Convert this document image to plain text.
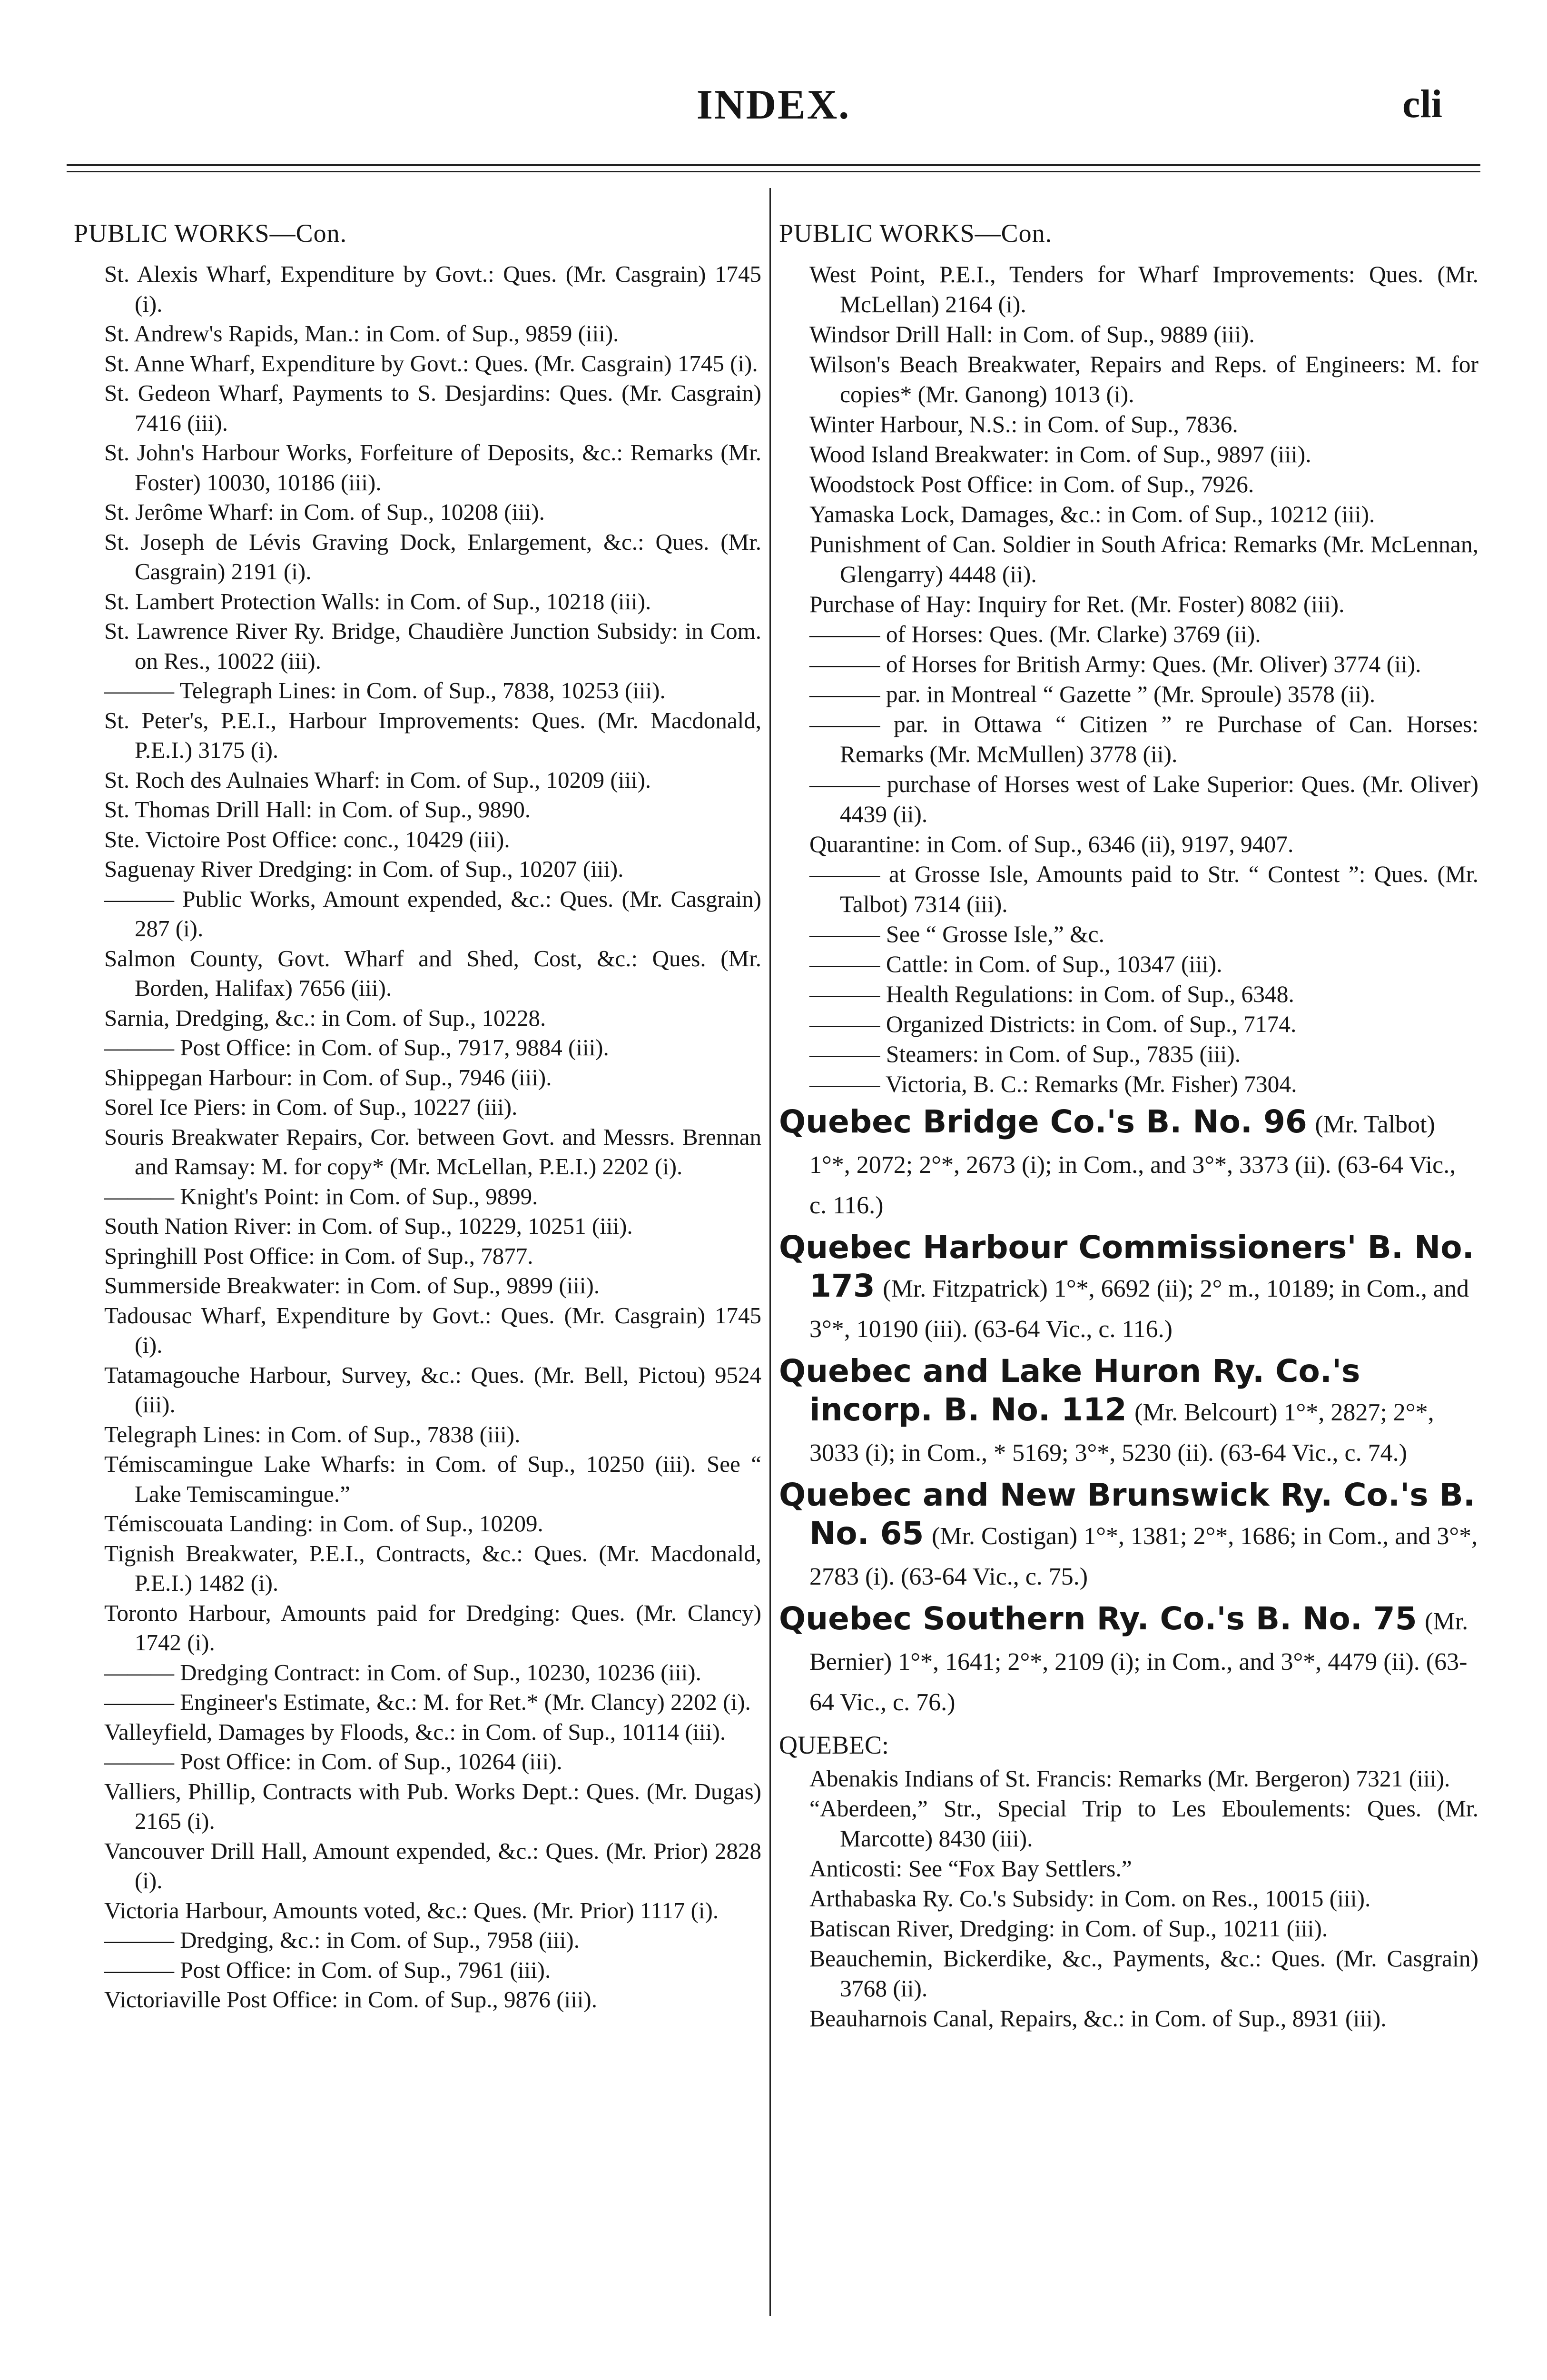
INDEX.	cli
PUBLIC WORKS—Con.

St. Alexis Wharf, Expenditure by Govt.: Ques. (Mr. Casgrain) 1745 (i).

St. Andrew's Rapids, Man.: in Com. of Sup., 9859 (iii).

St. Anne Wharf, Expenditure by Govt.: Ques. (Mr. Casgrain) 1745 (i).

St. Gedeon Wharf, Payments to S. Desjardins: Ques. (Mr. Casgrain) 7416 (iii).

St. John's Harbour Works, Forfeiture of Deposits, &c.: Remarks (Mr. Foster) 10030, 10186 (iii).

St. Jerôme Wharf: in Com. of Sup., 10208 (iii).

St. Joseph de Lévis Graving Dock, Enlargement, &c.: Ques. (Mr. Casgrain) 2191 (i).

St. Lambert Protection Walls: in Com. of Sup., 10218 (iii).

St. Lawrence River Ry. Bridge, Chaudière Junction Subsidy: in Com. on Res., 10022 (iii).

——— Telegraph Lines: in Com. of Sup., 7838, 10253 (iii).

St. Peter's, P.E.I., Harbour Improvements: Ques. (Mr. Macdonald, P.E.I.) 3175 (i).

St. Roch des Aulnaies Wharf: in Com. of Sup., 10209 (iii).

St. Thomas Drill Hall: in Com. of Sup., 9890.

Ste. Victoire Post Office: conc., 10429 (iii).

Saguenay River Dredging: in Com. of Sup., 10207 (iii).

——— Public Works, Amount expended, &c.: Ques. (Mr. Casgrain) 287 (i).

Salmon County, Govt. Wharf and Shed, Cost, &c.: Ques. (Mr. Borden, Halifax) 7656 (iii).

Sarnia, Dredging, &c.: in Com. of Sup., 10228.

——— Post Office: in Com. of Sup., 7917, 9884 (iii).

Shippegan Harbour: in Com. of Sup., 7946 (iii).

Sorel Ice Piers: in Com. of Sup., 10227 (iii).

Souris Breakwater Repairs, Cor. between Govt. and Messrs. Brennan and Ramsay: M. for copy* (Mr. McLellan, P.E.I.) 2202 (i).

——— Knight's Point: in Com. of Sup., 9899.

South Nation River: in Com. of Sup., 10229, 10251 (iii).

Springhill Post Office: in Com. of Sup., 7877.

Summerside Breakwater: in Com. of Sup., 9899 (iii).

Tadousac Wharf, Expenditure by Govt.: Ques. (Mr. Casgrain) 1745 (i).

Tatamagouche Harbour, Survey, &c.: Ques. (Mr. Bell, Pictou) 9524 (iii).

Telegraph Lines: in Com. of Sup., 7838 (iii).

Témiscamingue Lake Wharfs: in Com. of Sup., 10250 (iii). See “ Lake Temiscamingue.”

Témiscouata Landing: in Com. of Sup., 10209.

Tignish Breakwater, P.E.I., Contracts, &c.: Ques. (Mr. Macdonald, P.E.I.) 1482 (i).

Toronto Harbour, Amounts paid for Dredging: Ques. (Mr. Clancy) 1742 (i).

——— Dredging Contract: in Com. of Sup., 10230, 10236 (iii).

——— Engineer's Estimate, &c.: M. for Ret.* (Mr. Clancy) 2202 (i).

Valleyfield, Damages by Floods, &c.: in Com. of Sup., 10114 (iii).

——— Post Office: in Com. of Sup., 10264 (iii).

Valliers, Phillip, Contracts with Pub. Works Dept.: Ques. (Mr. Dugas) 2165 (i).

Vancouver Drill Hall, Amount expended, &c.: Ques. (Mr. Prior) 2828 (i).

Victoria Harbour, Amounts voted, &c.: Ques. (Mr. Prior) 1117 (i).

——— Dredging, &c.: in Com. of Sup., 7958 (iii).

——— Post Office: in Com. of Sup., 7961 (iii).

Victoriaville Post Office: in Com. of Sup., 9876 (iii).

PUBLIC WORKS—Con.

West Point, P.E.I., Tenders for Wharf Improvements: Ques. (Mr. McLellan) 2164 (i).

Windsor Drill Hall: in Com. of Sup., 9889 (iii).

Wilson's Beach Breakwater, Repairs and Reps. of Engineers: M. for copies* (Mr. Ganong) 1013 (i).

Winter Harbour, N.S.: in Com. of Sup., 7836.

Wood Island Breakwater: in Com. of Sup., 9897 (iii).

Woodstock Post Office: in Com. of Sup., 7926.

Yamaska Lock, Damages, &c.: in Com. of Sup., 10212 (iii).

Punishment of Can. Soldier in South Africa: Remarks (Mr. McLennan, Glengarry) 4448 (ii).

Purchase of Hay: Inquiry for Ret. (Mr. Foster) 8082 (iii).

——— of Horses: Ques. (Mr. Clarke) 3769 (ii).

——— of Horses for British Army: Ques. (Mr. Oliver) 3774 (ii).

——— par. in Montreal “ Gazette ” (Mr. Sproule) 3578 (ii).

——— par. in Ottawa “ Citizen ” re Purchase of Can. Horses: Remarks (Mr. McMullen) 3778 (ii).

——— purchase of Horses west of Lake Superior: Ques. (Mr. Oliver) 4439 (ii).

Quarantine: in Com. of Sup., 6346 (ii), 9197, 9407.

——— at Grosse Isle, Amounts paid to Str. “ Contest ”: Ques. (Mr. Talbot) 7314 (iii).

——— See “ Grosse Isle,” &c.

——— Cattle: in Com. of Sup., 10347 (iii).

——— Health Regulations: in Com. of Sup., 6348.

——— Organized Districts: in Com. of Sup., 7174.

——— Steamers: in Com. of Sup., 7835 (iii).

——— Victoria, B. C.: Remarks (Mr. Fisher) 7304.

Quebec Bridge Co.'s B. No. 96 (Mr. Talbot) 1°*, 2072; 2°*, 2673 (i); in Com., and 3°*, 3373 (ii). (63-64 Vic., c. 116.)

Quebec Harbour Commissioners' B. No. 173 (Mr. Fitzpatrick) 1°*, 6692 (ii); 2° m., 10189; in Com., and 3°*, 10190 (iii). (63-64 Vic., c. 116.)

Quebec and Lake Huron Ry. Co.'s incorp. B. No. 112 (Mr. Belcourt) 1°*, 2827; 2°*, 3033 (i); in Com., * 5169; 3°*, 5230 (ii). (63-64 Vic., c. 74.)

Quebec and New Brunswick Ry. Co.'s B. No. 65 (Mr. Costigan) 1°*, 1381; 2°*, 1686; in Com., and 3°*, 2783 (i). (63-64 Vic., c. 75.)

Quebec Southern Ry. Co.'s B. No. 75 (Mr. Bernier) 1°*, 1641; 2°*, 2109 (i); in Com., and 3°*, 4479 (ii). (63-64 Vic., c. 76.)

QUEBEC:

Abenakis Indians of St. Francis: Remarks (Mr. Bergeron) 7321 (iii).

“Aberdeen,” Str., Special Trip to Les Eboulements: Ques. (Mr. Marcotte) 8430 (iii).

Anticosti: See “Fox Bay Settlers.”

Arthabaska Ry. Co.'s Subsidy: in Com. on Res., 10015 (iii).

Batiscan River, Dredging: in Com. of Sup., 10211 (iii).

Beauchemin, Bickerdike, &c., Payments, &c.: Ques. (Mr. Casgrain) 3768 (ii).

Beauharnois Canal, Repairs, &c.: in Com. of Sup., 8931 (iii).
